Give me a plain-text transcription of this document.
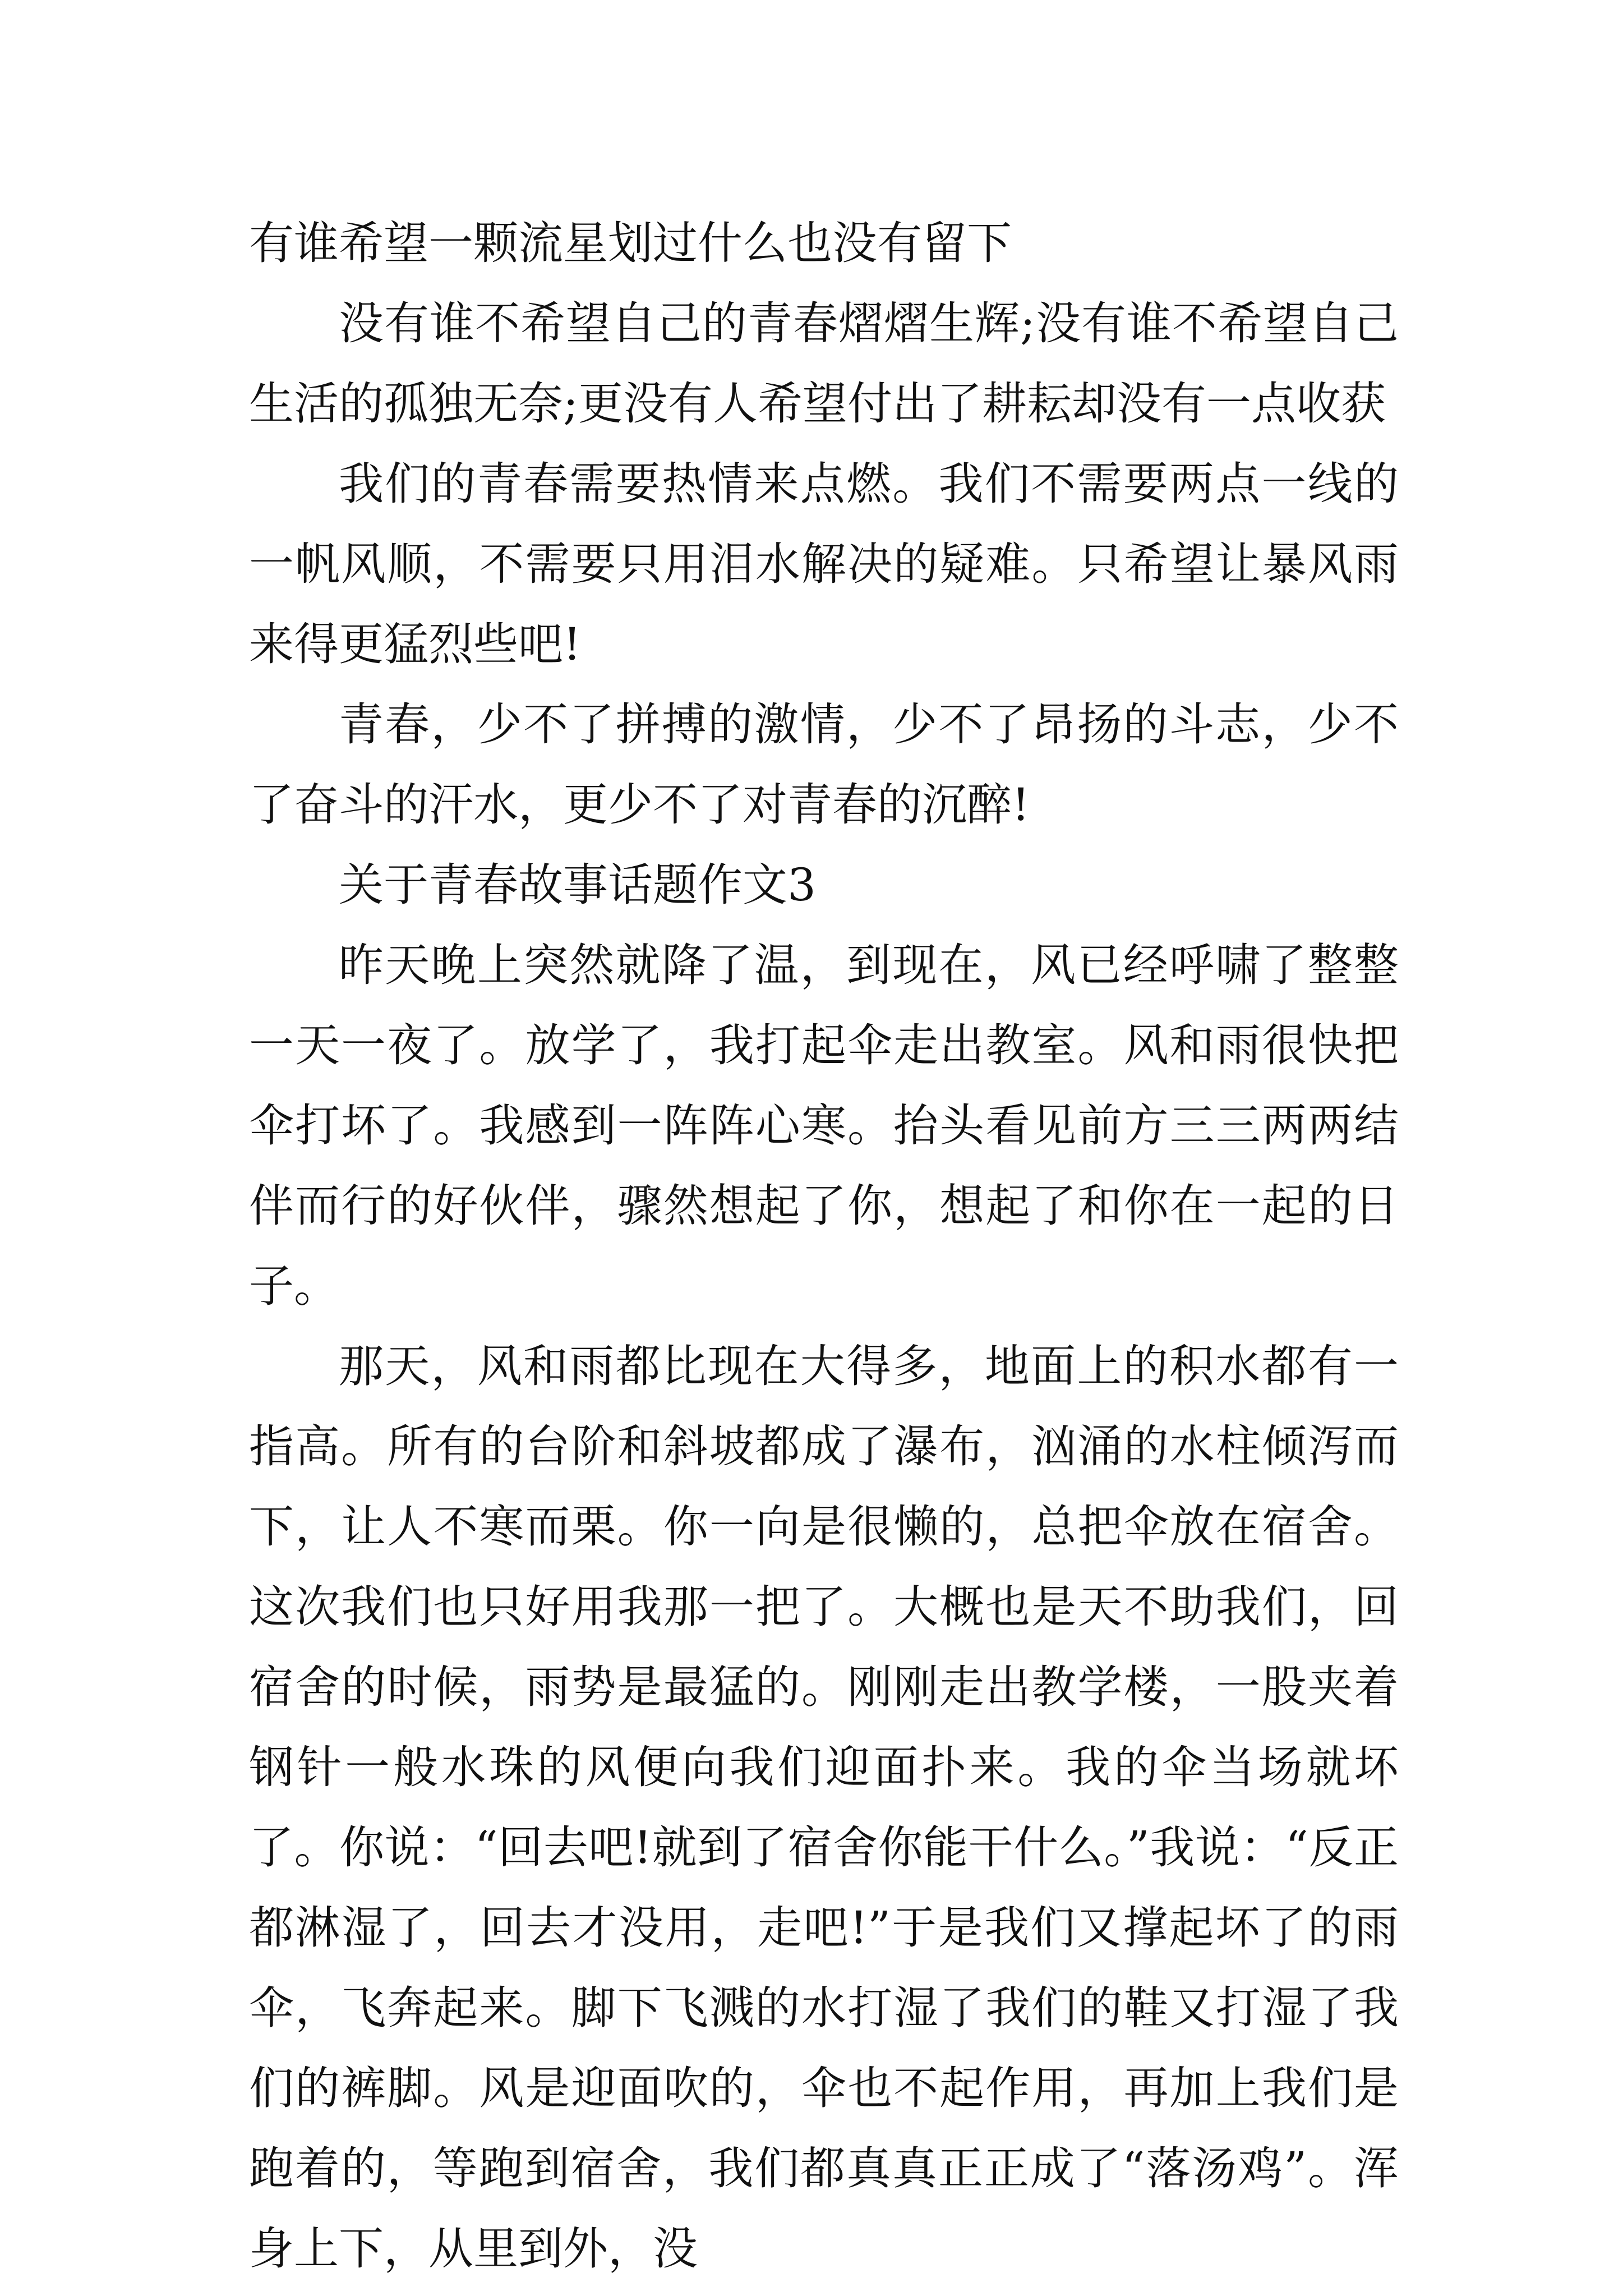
有谁希望一颗流星划过什么也没有留下

没有谁不希望自己的青春熠熠生辉;没有谁不希望自己生活的孤独无奈;更没有人希望付出了耕耘却没有一点收获

我们的青春需要热情来点燃。我们不需要两点一线的一帆风顺，不需要只用泪水解决的疑难。只希望让暴风雨来得更猛烈些吧!

青春，少不了拼搏的激情，少不了昂扬的斗志，少不了奋斗的汗水，更少不了对青春的沉醉!

关于青春故事话题作文3

昨天晚上突然就降了温，到现在，风已经呼啸了整整一天一夜了。放学了，我打起伞走出教室。风和雨很快把伞打坏了。我感到一阵阵心寒。抬头看见前方三三两两结伴而行的好伙伴，骤然想起了你，想起了和你在一起的日子。

那天，风和雨都比现在大得多，地面上的积水都有一指高。所有的台阶和斜坡都成了瀑布，汹涌的水柱倾泻而下，让人不寒而栗。你一向是很懒的，总把伞放在宿舍。这次我们也只好用我那一把了。大概也是天不助我们，回宿舍的时候，雨势是最猛的。刚刚走出教学楼，一股夹着钢针一般水珠的风便向我们迎面扑来。我的伞当场就坏了。你说：“回去吧!就到了宿舍你能干什么。”我说：“反正都淋湿了，回去才没用，走吧!”于是我们又撑起坏了的雨伞，飞奔起来。脚下飞溅的水打湿了我们的鞋又打湿了我们的裤脚。风是迎面吹的，伞也不起作用，再加上我们是跑着的，等跑到宿舍，我们都真真正正成了“落汤鸡”。浑身上下，从里到外，没
